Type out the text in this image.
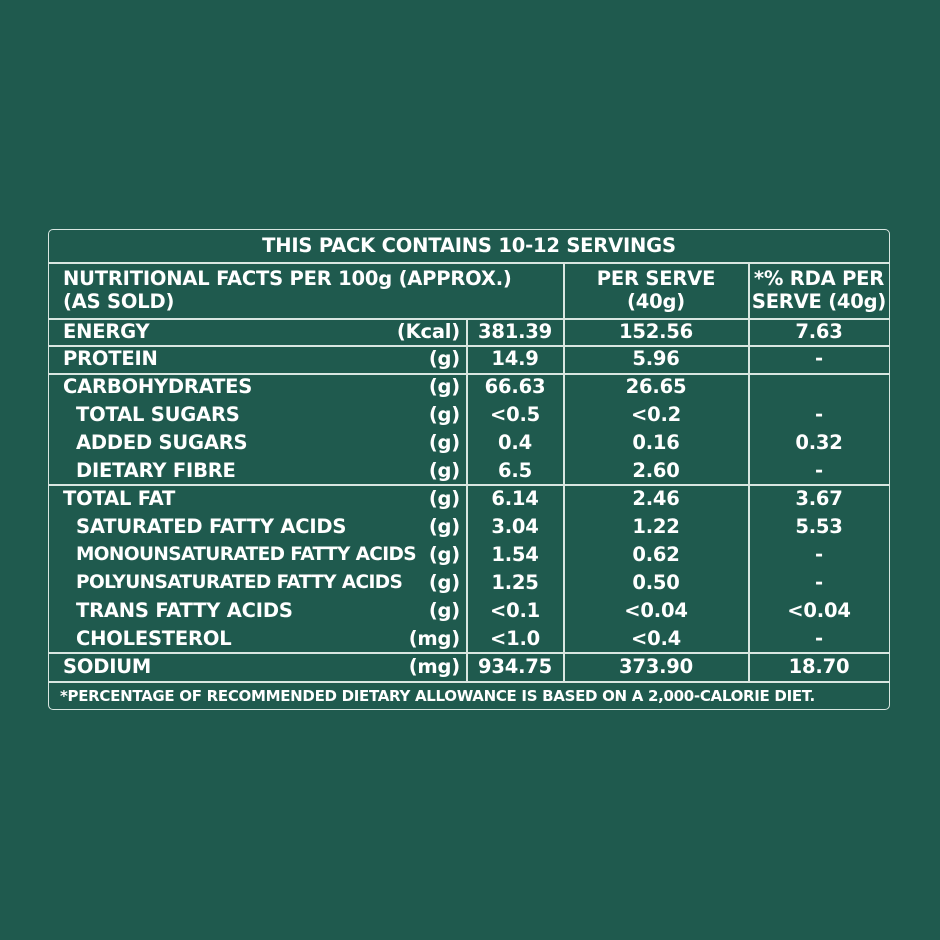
THIS PACK CONTAINS 10-12 SERVINGS
NUTRITIONAL FACTS PER 100g (APPROX.)
(AS SOLD)
PER SERVE
(40g)
*% RDA PER
SERVE (40g)
ENERGY	(Kcal) 381.39	152.56	7.63
PROTEIN	(g)	14.9	5.96	-
CARBOHYDRATES	(g)	66.63	26.65
TOTAL SUGARS	(g)	<0.5	<0.2	-
ADDED SUGARS	(g)	0.4	0.16	0.32
DIETARY FIBRE	(g)	6.5	2.60	-
TOTAL FAT	(g)	6.14	2.46	3.67
SATURATED FATTY ACIDS	(g)	3.04	1.22	5.53
MONOUNSATURATED FATTY ACIDS (g)	1.54	0.62	-
POLYUNSATURATED FATTY ACIDS	(g)	1.25	0.50	-
TRANS FATTY ACIDS	(g)	<0.1	<0.04	<0.04
CHOLESTEROL	(mg)	<1.0	<0.4	-
SODIUM	(mg) 934.75	373.90	18.70
*PERCENTAGE OF RECOMMENDED DIETARY ALLOWANCE IS BASED ON A 2,000-CALORIE DIET.
